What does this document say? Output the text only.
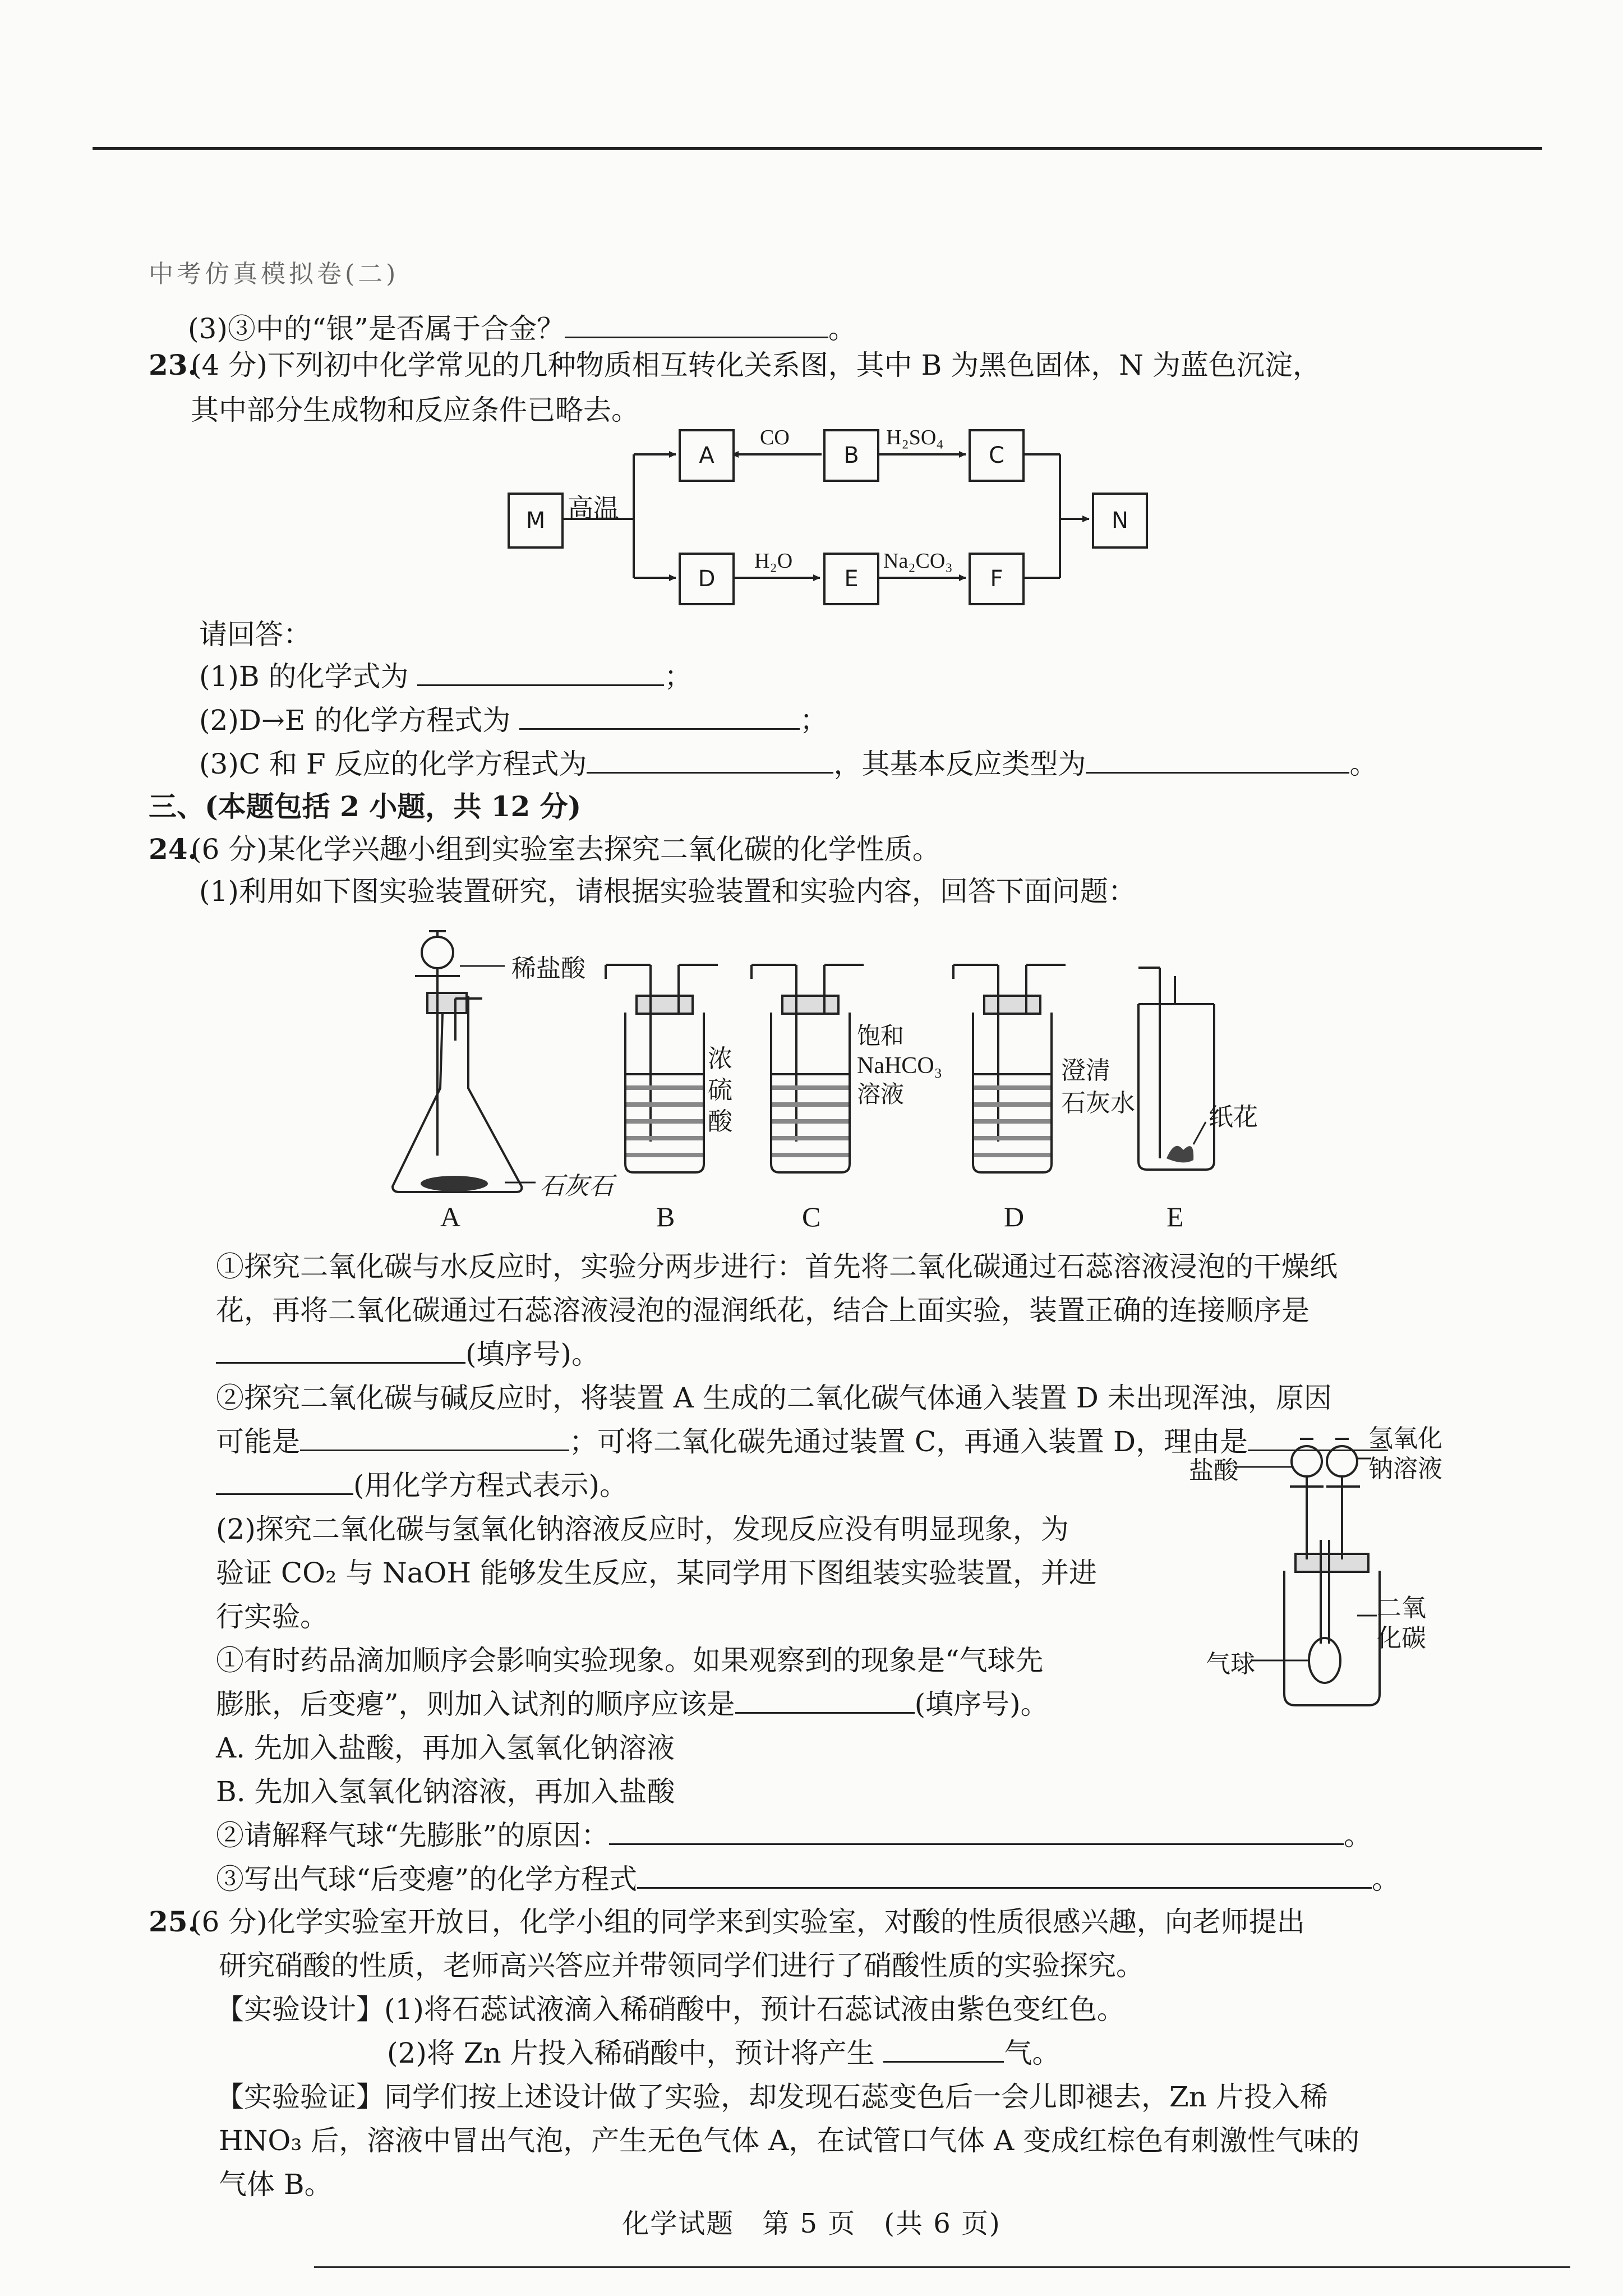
中考仿真模拟卷(二)
(3)③中的“银”是否属于合金？	。
23.
(4 分)下列初中化学常见的几种物质相互转化关系图，其中 B 为黑色固体，N 为蓝色沉淀，
其中部分生成物和反应条件已略去。
M
A	B	C
D	E	F
N
高温
CO	H₂SO₄
H₂O	Na₂CO₃
请回答：
(1)B 的化学式为	；
(2)D→E 的化学方程式为	；
(3)C 和 F 反应的化学方程式为	，其基本反应类型为	。
三、(本题包括 2 小题，共 12 分)
24.
(6 分)某化学兴趣小组到实验室去探究二氧化碳的化学性质。
(1)利用如下图实验装置研究，请根据实验装置和实验内容，回答下面问题：
稀盐酸
石灰石
浓
硫
酸
饱和
NaHCO₃
溶液
澄清
石灰水
纸花
A	B	C	D	E
①探究二氧化碳与水反应时，实验分两步进行：首先将二氧化碳通过石蕊溶液浸泡的干燥纸
花，再将二氧化碳通过石蕊溶液浸泡的湿润纸花，结合上面实验，装置正确的连接顺序是
(填序号)。
②探究二氧化碳与碱反应时，将装置 A 生成的二氧化碳气体通入装置 D 未出现浑浊，原因
可能是	；可将二氧化碳先通过装置 C，再通入装置 D，理由是
(用化学方程式表示)。
(2)探究二氧化碳与氢氧化钠溶液反应时，发现反应没有明显现象，为
验证 CO₂ 与 NaOH 能够发生反应，某同学用下图组装实验装置，并进
行实验。
①有时药品滴加顺序会影响实验现象。如果观察到的现象是“气球先
膨胀，后变瘪”，则加入试剂的顺序应该是	(填序号)。
A. 先加入盐酸，再加入氢氧化钠溶液
B. 先加入氢氧化钠溶液，再加入盐酸
②请解释气球“先膨胀”的原因：	。
③写出气球“后变瘪”的化学方程式	。
盐酸
氢氧化
钠溶液
二氧
化碳
气球
25.
(6 分)化学实验室开放日，化学小组的同学来到实验室，对酸的性质很感兴趣，向老师提出
研究硝酸的性质，老师高兴答应并带领同学们进行了硝酸性质的实验探究。
【实验设计】(1)将石蕊试液滴入稀硝酸中，预计石蕊试液由紫色变红色。
(2)将 Zn 片投入稀硝酸中，预计将产生	气。
【实验验证】同学们按上述设计做了实验，却发现石蕊变色后一会儿即褪去，Zn 片投入稀
HNO₃ 后，溶液中冒出气泡，产生无色气体 A，在试管口气体 A 变成红棕色有刺激性气味的
气体 B。
化学试题　第 5 页　(共 6 页)
